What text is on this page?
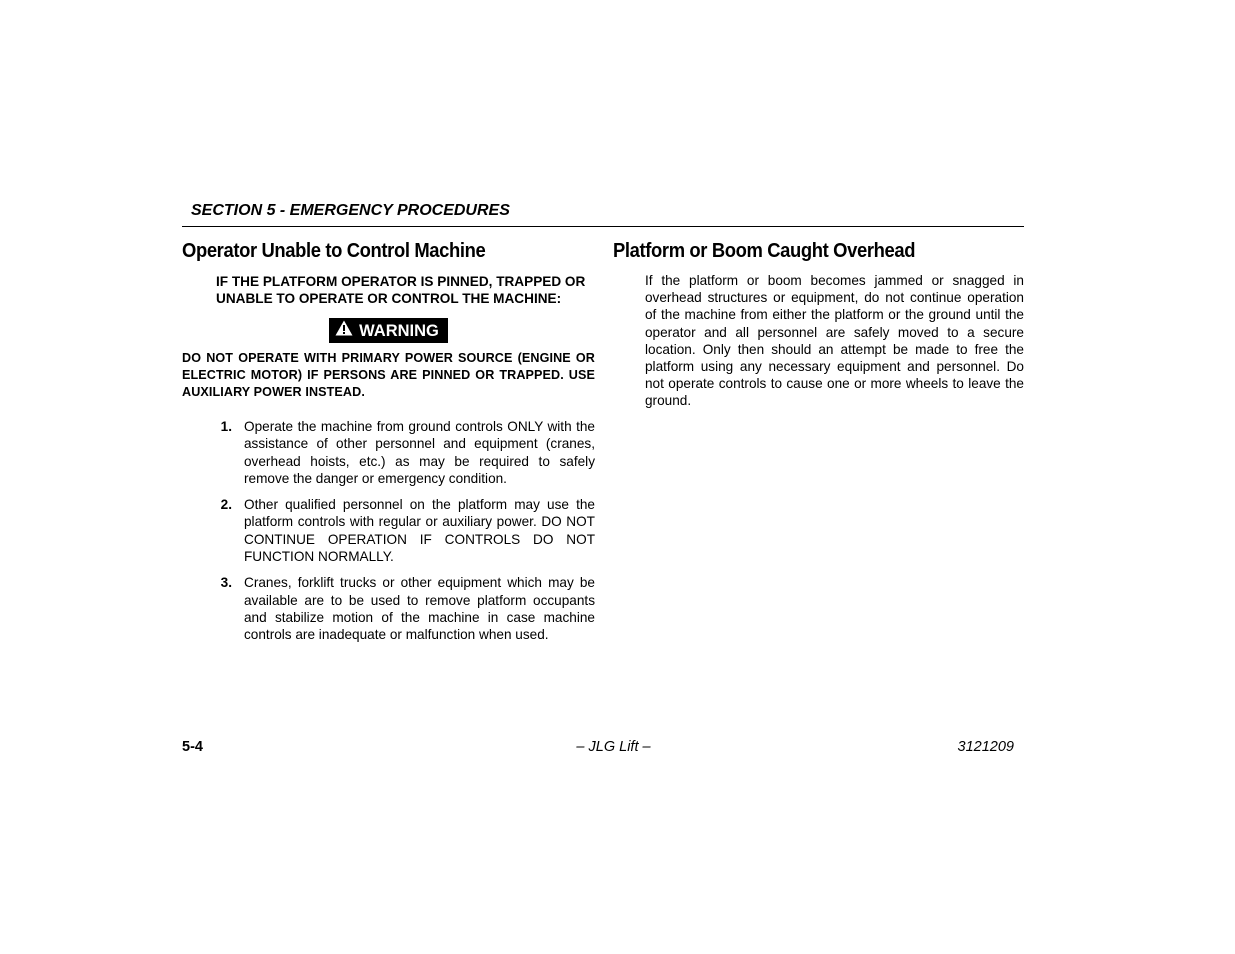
SECTION 5 - EMERGENCY PROCEDURES
Operator Unable to Control Machine
IF THE PLATFORM OPERATOR IS PINNED, TRAPPED OR UNABLE TO OPERATE OR CONTROL THE MACHINE:
WARNING
DO NOT OPERATE WITH PRIMARY POWER SOURCE (ENGINE OR ELECTRIC MOTOR) IF PERSONS ARE PINNED OR TRAPPED. USE AUXILIARY POWER INSTEAD.
1. Operate the machine from ground controls ONLY with the assistance of other personnel and equipment (cranes, overhead hoists, etc.) as may be required to safely remove the danger or emergency condition.
2. Other qualified personnel on the platform may use the platform controls with regular or auxiliary power. DO NOT CONTINUE OPERATION IF CONTROLS DO NOT FUNCTION NORMALLY.
3. Cranes, forklift trucks or other equipment which may be available are to be used to remove platform occupants and stabilize motion of the machine in case machine controls are inadequate or malfunction when used.
Platform or Boom Caught Overhead
If the platform or boom becomes jammed or snagged in overhead structures or equipment, do not continue operation of the machine from either the platform or the ground until the operator and all personnel are safely moved to a secure location. Only then should an attempt be made to free the platform using any necessary equipment and personnel. Do not operate controls to cause one or more wheels to leave the ground.
5-4	– JLG Lift –	3121209
